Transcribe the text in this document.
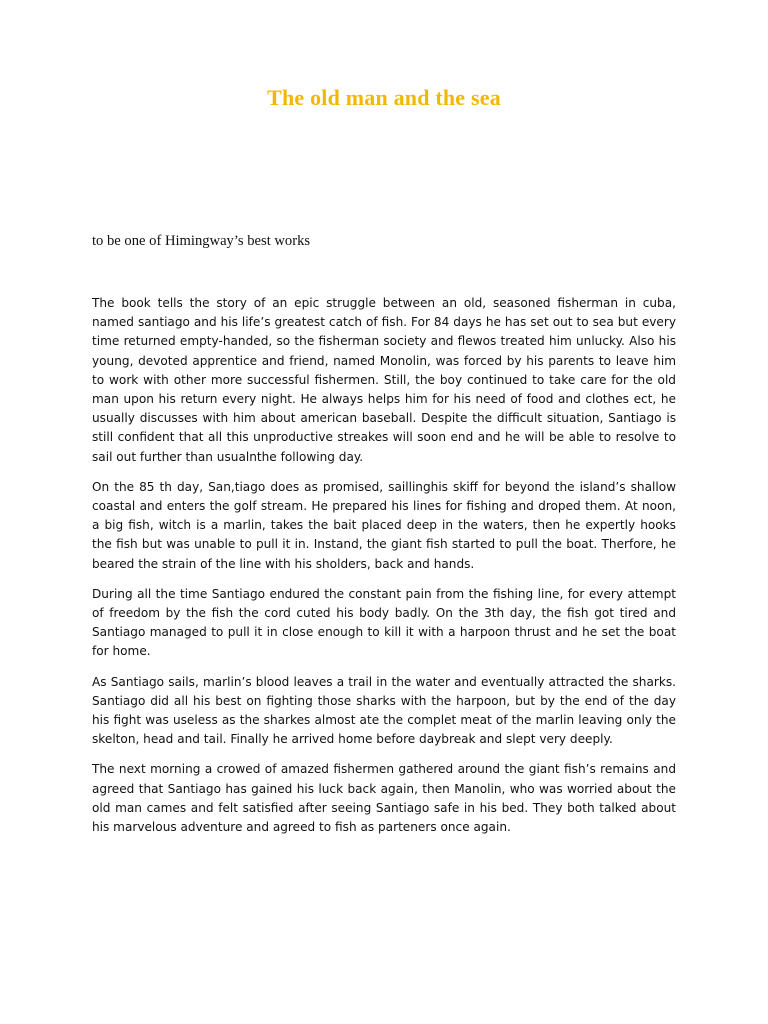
The old man and the sea
to be one of Himingway’s best works

The book tells the story of an epic struggle between an old, seasoned fisherman in cuba, named santiago and his life’s greatest catch of fish. For 84 days he has set out to sea but every time returned empty-handed, so the fisherman society and flewos treated him unlucky. Also his young, devoted apprentice and friend, named Monolin, was forced by his parents to leave him to work with other more successful fishermen. Still, the boy continued to take care for the old man upon his return every night. He always helps him for his need of food and clothes ect, he usually discusses with him about american baseball. Despite the difficult situation, Santiago is still confident that all this unproductive streakes will soon end and he will be able to resolve to sail out further than usualnthe following day.

On the 85 th day, San,tiago does as promised, saillinghis skiff for beyond the island’s shallow coastal and enters the golf stream. He prepared his lines for fishing and droped them. At noon, a big fish, witch is a marlin, takes the bait placed deep in the waters, then he expertly hooks the fish but was unable to pull it in. Instand, the giant fish started to pull the boat. Therfore, he beared the strain of the line with his sholders, back and hands.

During all the time Santiago endured the constant pain from the fishing line, for every attempt of freedom by the fish the cord cuted his body badly. On the 3th day, the fish got tired and Santiago managed to pull it in close enough to kill it with a harpoon thrust and he set the boat for home.

As Santiago sails, marlin’s blood leaves a trail in the water and eventually attracted the sharks. Santiago did all his best on fighting those sharks with the harpoon, but by the end of the day his fight was useless as the sharkes almost ate the complet meat of the marlin leaving only the skelton, head and tail. Finally he arrived home before daybreak and slept very deeply.

The next morning a crowed of amazed fishermen gathered around the giant fish’s remains and agreed that Santiago has gained his luck back again, then Manolin, who was worried about the old man cames and felt satisfied after seeing Santiago safe in his bed. They both talked about his marvelous adventure and agreed to fish as parteners once again.
